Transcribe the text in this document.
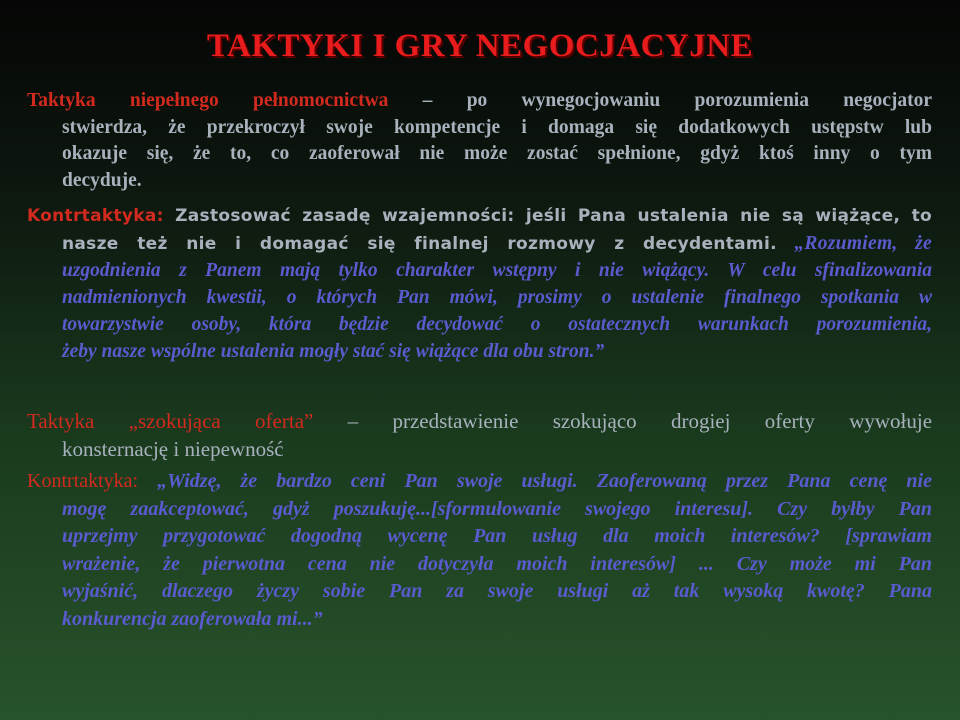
TAKTYKI I GRY NEGOCJACYJNE
Taktyka niepełnego pełnomocnictwa – po wynegocjowaniu porozumienia negocjator
stwierdza, że przekroczył swoje kompetencje i domaga się dodatkowych ustępstw lub
okazuje się, że to, co zaoferował nie może zostać spełnione, gdyż ktoś inny o tym
decyduje.
Kontrtaktyka: Zastosować zasadę wzajemności: jeśli Pana ustalenia nie są wiążące, to
nasze też nie i domagać się finalnej rozmowy z decydentami. „Rozumiem, że
uzgodnienia z Panem mają tylko charakter wstępny i nie wiążący. W celu sfinalizowania
nadmienionych kwestii, o których Pan mówi, prosimy o ustalenie finalnego spotkania w
towarzystwie osoby, która będzie decydować o ostatecznych warunkach porozumienia,
żeby nasze wspólne ustalenia mogły stać się wiążące dla obu stron.”
Taktyka „szokująca oferta” – przedstawienie szokująco drogiej oferty wywołuje
konsternację i niepewność
Kontrtaktyka: „Widzę, że bardzo ceni Pan swoje usługi. Zaoferowaną przez Pana cenę nie
mogę zaakceptować, gdyż poszukuję...[sformułowanie swojego interesu]. Czy byłby Pan
uprzejmy przygotować dogodną wycenę Pan usług dla moich interesów? [sprawiam
wrażenie, że pierwotna cena nie dotyczyła moich interesów] ... Czy może mi Pan
wyjaśnić, dlaczego życzy sobie Pan za swoje usługi aż tak wysoką kwotę? Pana
konkurencja zaoferowała mi...”
